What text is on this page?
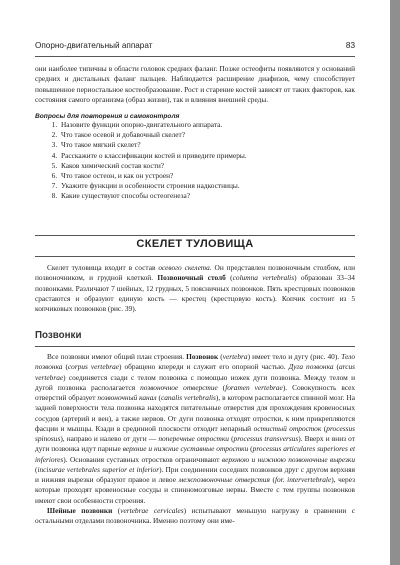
Опорно-двигательный аппарат	83

они наиболее типичны в области головок средних фаланг. Позже остеофиты появляются у оснований средних и дистальных фаланг пальцев. Наблюдается расширение диафизов, чему способствует повышенное периостальное костеобразование. Рост и старение костей зависят от таких факторов, как состояния самого организма (образ жизни), так и влияния внешней среды.

Вопросы для повторения и самоконтроля

1. Назовите функции опорно-двигательного аппарата.
2. Что такое осевой и добавочный скелет?
3. Что такое мягкий скелет?
4. Расскажите о классификации костей и приведите примеры.
5. Каков химический состав кости?
6. Что такое остеон, и как он устроен?
7. Укажите функции и особенности строения надкостницы.
8. Какие существуют способы остеогенеза?
СКЕЛЕТ ТУЛОВИЩА

Скелет туловища входит в состав осевого скелета. Он представлен позвоночным столбом, или позвоночником, и грудной клеткой. Позвоночный столб (columna vertebralis) образован 33–34 позвонками. Различают 7 шейных, 12 грудных, 5 поясничных позвонков. Пять крестцовых позвонков срастаются и образуют единую кость — крестец (крестцовую кость). Копчик состоит из 5 копчиковых позвонков (рис. 39).

Позвонки

Все позвонки имеют общий план строения. Позвонок (vertebra) имеет тело и дугу (рис. 40). Тело позвонка (corpus vertebrae) обращено кпереди и служит его опорной частью. Дуга позвонка (arcus vertebrae) соединяется сзади с телом позвонка с помощью ножек дуги позвонка. Между телом и дугой позвонка располагается позвоночное отверстие (foramen vertebrae). Совокупность всех отверстий образует позвоночный канал (canalis vertebralis), в котором располагается спинной мозг. На задней поверхности тела позвонка находятся питательные отверстия для прохождения кровеносных сосудов (артерий и вен), а также нервов. От дуги позвонка отходят отростки, к ним прикрепляются фасции и мышцы. Кзади в срединной плоскости отходит непарный остистый отросток (processus spinosus), направо и налево от дуги — поперечные отростки (processus transversus). Вверх и вниз от дуги позвонка идут парные верхние и нижние суставные отростки (processus articulares superiores et inferiores). Основания суставных отростков ограничивают верхнюю и нижнюю позвоночные вырезки (incisurae vertebrales superior et inferior). При соединении соседних позвонков друг с другом верхняя и нижняя вырезки образуют правое и левое межпозвоночные отверстия (for. intervertebrale), через которые проходят кровеносные сосуды и спинномозговые нервы. Вместе с тем группы позвонков имеют свои особенности строения.

Шейные позвонки (vertebrae cervicales) испытывают меньшую нагрузку в сравнении с остальными отделами позвоночника. Именно поэтому они име-
